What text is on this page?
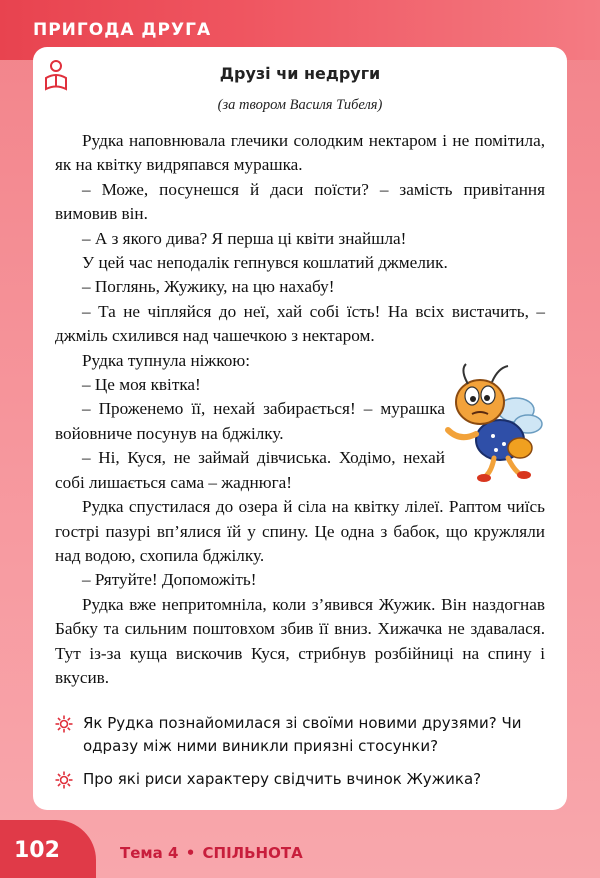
ПРИГОДА ДРУГА
Друзі чи недруги
(за твором Василя Тибеля)

Рудка наповнювала глечики солодким нектаром і не помітила, як на квітку видряпався мурашка.

– Може, посунешся й даси поїсти? – замість привітання вимовив він.

– А з якого дива? Я перша ці квіти знайшла!

У цей час неподалік гепнувся кошлатий джмелик.

– Поглянь, Жужику, на цю нахабу!

– Та не чіпляйся до неї, хай собі їсть! На всіх вистачить, – джміль схилився над чашечкою з нектаром.

Рудка тупнула ніжкою:

– Це моя квітка!

– Проженемо її, нехай забирається! – мурашка войовниче посунув на бджілку.

– Ні, Куся, не займай дівчиська. Ходімо, нехай собі лишається сама – жаднюга!

Рудка спустилася до озера й сіла на квітку лілеї. Раптом чиїсь гострі пазурі вп’ялися їй у спину. Це одна з бабок, що кружляли над водою, схопила бджілку.

– Рятуйте! Допоможіть!

Рудка вже непритомніла, коли з’явився Жужик. Він наздогнав Бабку та сильним поштовхом збив її вниз. Хижачка не здавалася. Тут із-за куща вискочив Куся, стрибнув розбійниці на спину і вкусив.

Як Рудка познайомилася зі своїми новими друзями? Чи одразу між ними виникли приязні стосунки?
Про які риси характеру свідчить вчинок Жужика?
102	Тема 4 • СПІЛЬНОТА
